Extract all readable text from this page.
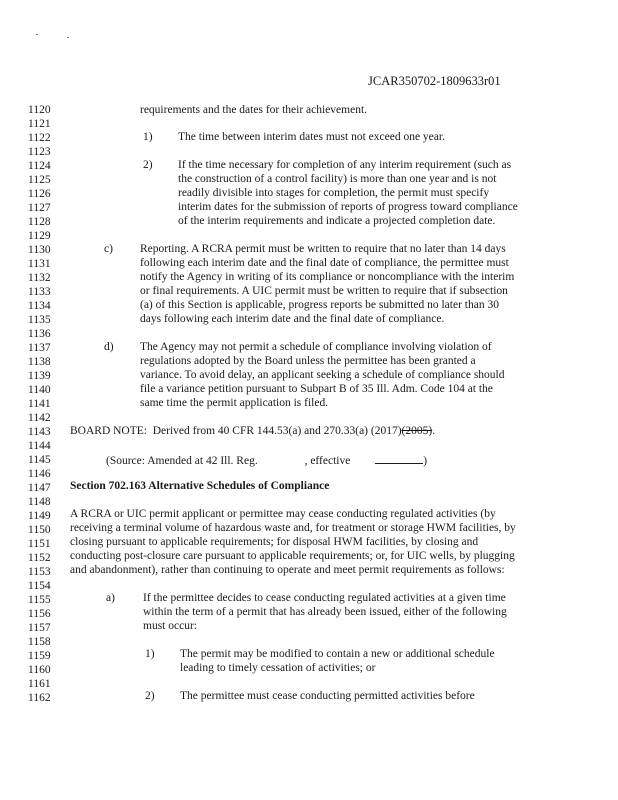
JCAR350702-1809633r01
1120
1121
1122
1123
1124
1125
1126
1127
1128
1129
1130
1131
1132
1133
1134
1135
1136
1137
1138
1139
1140
1141
1142
1143
1144
1145
1146
1147
1148
1149
1150
1151
1152
1153
1154
1155
1156
1157
1158
1159
1160
1161
1162
requirements and the dates for their achievement.
1) The time between interim dates must not exceed one year.
2) If the time necessary for completion of any interim requirement (such as
the construction of a control facility) is more than one year and is not
readily divisible into stages for completion, the permit must specify
interim dates for the submission of reports of progress toward compliance
of the interim requirements and indicate a projected completion date.
c) Reporting. A RCRA permit must be written to require that no later than 14 days
following each interim date and the final date of compliance, the permittee must
notify the Agency in writing of its compliance or noncompliance with the interim
or final requirements. A UIC permit must be written to require that if subsection
(a) of this Section is applicable, progress reports be submitted no later than 30
days following each interim date and the final date of compliance.
d) The Agency may not permit a schedule of compliance involving violation of
regulations adopted by the Board unless the permittee has been granted a
variance. To avoid delay, an applicant seeking a schedule of compliance should
file a variance petition pursuant to Subpart B of 35 Ill. Adm. Code 104 at the
same time the permit application is filed.
BOARD NOTE: Derived from 40 CFR 144.53(a) and 270.33(a) (2017)(2005).
(Source: Amended at 42 Ill. Reg.	, effective	)
Section 702.163 Alternative Schedules of Compliance
A RCRA or UIC permit applicant or permittee may cease conducting regulated activities (by
receiving a terminal volume of hazardous waste and, for treatment or storage HWM facilities, by
closing pursuant to applicable requirements; for disposal HWM facilities, by closing and
conducting post-closure care pursuant to applicable requirements; or, for UIC wells, by plugging
and abandonment), rather than continuing to operate and meet permit requirements as follows:
a) If the permittee decides to cease conducting regulated activities at a given time
within the term of a permit that has already been issued, either of the following
must occur:
1) The permit may be modified to contain a new or additional schedule
leading to timely cessation of activities; or
2) The permittee must cease conducting permitted activities before
